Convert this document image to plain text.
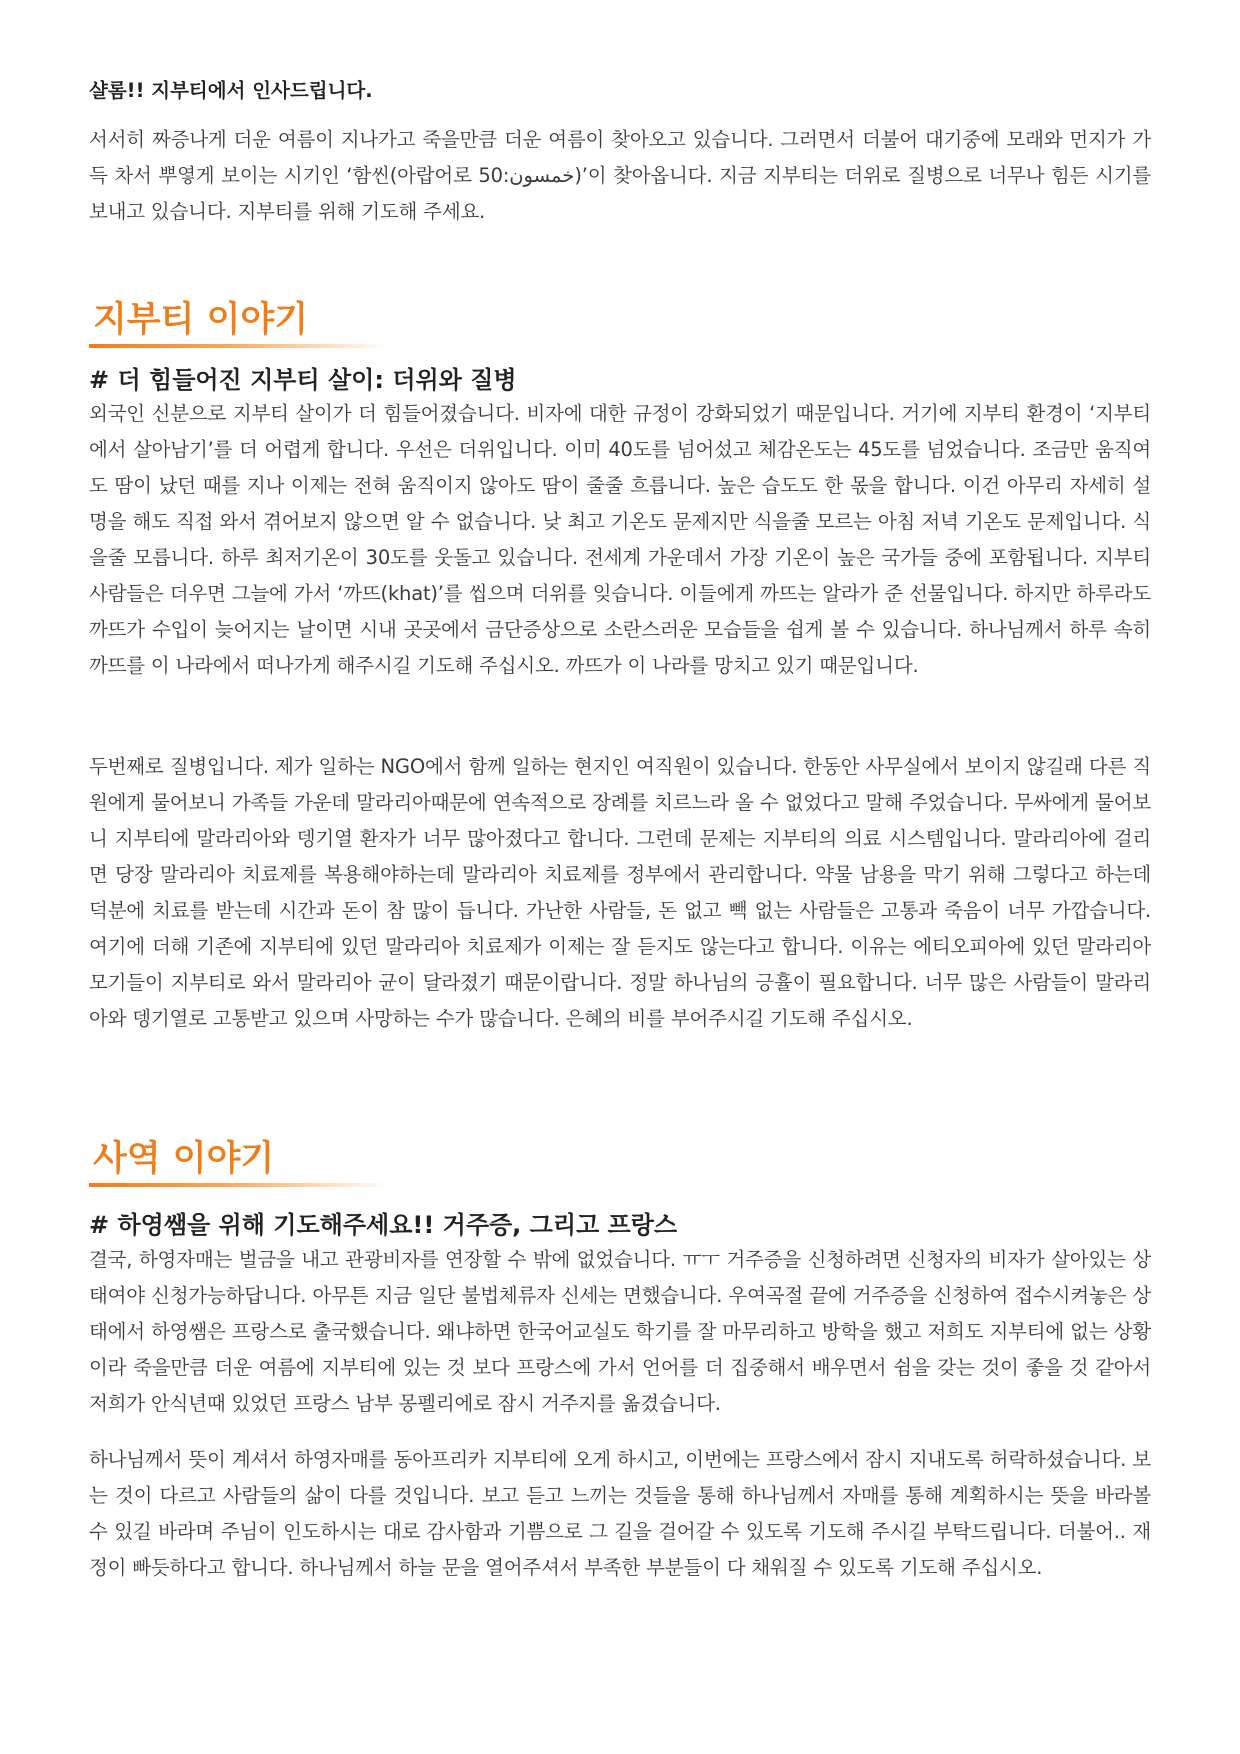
샬롬!! 지부티에서 인사드립니다.

서서히 짜증나게 더운 여름이 지나가고 죽을만큼 더운 여름이 찾아오고 있습니다. 그러면서 더불어 대기중에 모래와 먼지가 가득 차서 뿌옇게 보이는 시기인 ‘함씬(아랍어로 50:خمسون)’이 찾아옵니다. 지금 지부티는 더위로 질병으로 너무나 힘든 시기를 보내고 있습니다. 지부티를 위해 기도해 주세요.

지부티 이야기
# 더 힘들어진 지부티 살이: 더위와 질병

외국인 신분으로 지부티 살이가 더 힘들어졌습니다. 비자에 대한 규정이 강화되었기 때문입니다. 거기에 지부티 환경이 ‘지부티에서 살아남기’를 더 어렵게 합니다. 우선은 더위입니다. 이미 40도를 넘어섰고 체감온도는 45도를 넘었습니다. 조금만 움직여도 땀이 났던 때를 지나 이제는 전혀 움직이지 않아도 땀이 줄줄 흐릅니다. 높은 습도도 한 몫을 합니다. 이건 아무리 자세히 설명을 해도 직접 와서 겪어보지 않으면 알 수 없습니다. 낮 최고 기온도 문제지만 식을줄 모르는 아침 저녁 기온도 문제입니다. 식을줄 모릅니다. 하루 최저기온이 30도를 웃돌고 있습니다. 전세계 가운데서 가장 기온이 높은 국가들 중에 포함됩니다. 지부티 사람들은 더우면 그늘에 가서 ‘까뜨(khat)’를 씹으며 더위를 잊습니다. 이들에게 까뜨는 알라가 준 선물입니다. 하지만 하루라도 까뜨가 수입이 늦어지는 날이면 시내 곳곳에서 금단증상으로 소란스러운 모습들을 쉽게 볼 수 있습니다. 하나님께서 하루 속히 까뜨를 이 나라에서 떠나가게 해주시길 기도해 주십시오. 까뜨가 이 나라를 망치고 있기 때문입니다.

두번째로 질병입니다. 제가 일하는 NGO에서 함께 일하는 현지인 여직원이 있습니다. 한동안 사무실에서 보이지 않길래 다른 직원에게 물어보니 가족들 가운데 말라리아때문에 연속적으로 장례를 치르느라 올 수 없었다고 말해 주었습니다. 무싸에게 물어보니 지부티에 말라리아와 뎅기열 환자가 너무 많아졌다고 합니다. 그런데 문제는 지부티의 의료 시스템입니다. 말라리아에 걸리면 당장 말라리아 치료제를 복용해야하는데 말라리아 치료제를 정부에서 관리합니다. 약물 남용을 막기 위해 그렇다고 하는데 덕분에 치료를 받는데 시간과 돈이 참 많이 듭니다. 가난한 사람들, 돈 없고 빽 없는 사람들은 고통과 죽음이 너무 가깝습니다. 여기에 더해 기존에 지부티에 있던 말라리아 치료제가 이제는 잘 듣지도 않는다고 합니다. 이유는 에티오피아에 있던 말라리아 모기들이 지부티로 와서 말라리아 균이 달라졌기 때문이랍니다. 정말 하나님의 긍휼이 필요합니다. 너무 많은 사람들이 말라리아와 뎅기열로 고통받고 있으며 사망하는 수가 많습니다. 은혜의 비를 부어주시길 기도해 주십시오.

사역 이야기
# 하영쌤을 위해 기도해주세요!! 거주증, 그리고 프랑스

결국, 하영자매는 벌금을 내고 관광비자를 연장할 수 밖에 없었습니다. ㅠㅜ 거주증을 신청하려면 신청자의 비자가 살아있는 상태여야 신청가능하답니다. 아무튼 지금 일단 불법체류자 신세는 면했습니다. 우여곡절 끝에 거주증을 신청하여 접수시켜놓은 상태에서 하영쌤은 프랑스로 출국했습니다. 왜냐하면 한국어교실도 학기를 잘 마무리하고 방학을 했고 저희도 지부티에 없는 상황이라 죽을만큼 더운 여름에 지부티에 있는 것 보다 프랑스에 가서 언어를 더 집중해서 배우면서 쉼을 갖는 것이 좋을 것 같아서 저희가 안식년때 있었던 프랑스 남부 몽펠리에로 잠시 거주지를 옮겼습니다.

하나님께서 뜻이 계셔서 하영자매를 동아프리카 지부티에 오게 하시고, 이번에는 프랑스에서 잠시 지내도록 허락하셨습니다. 보는 것이 다르고 사람들의 삶이 다를 것입니다. 보고 듣고 느끼는 것들을 통해 하나님께서 자매를 통해 계획하시는 뜻을 바라볼 수 있길 바라며 주님이 인도하시는 대로 감사함과 기쁨으로 그 길을 걸어갈 수 있도록 기도해 주시길 부탁드립니다. 더불어.. 재정이 빠듯하다고 합니다. 하나님께서 하늘 문을 열어주셔서 부족한 부분들이 다 채워질 수 있도록 기도해 주십시오.
